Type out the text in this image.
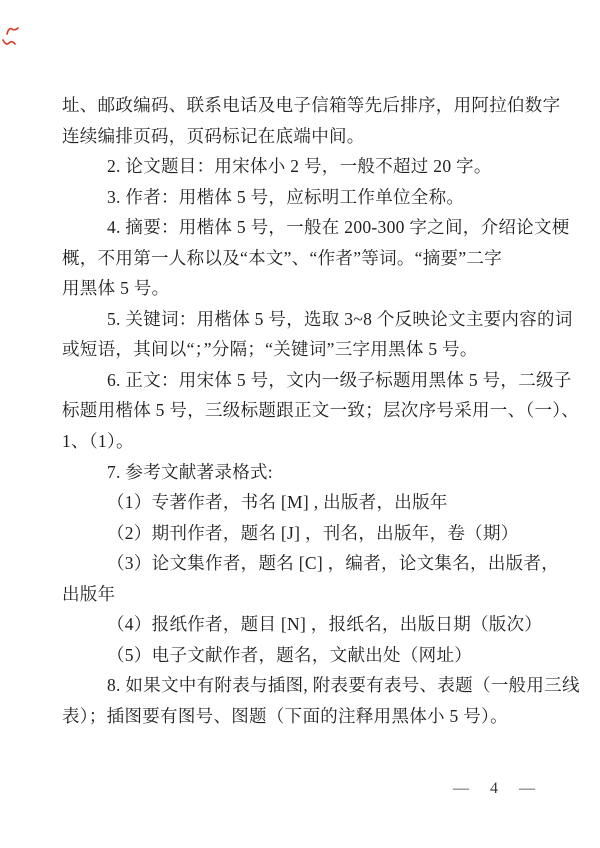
址、邮政编码、联系电话及电子信箱等先后排序，用阿拉伯数字
连续编排页码，页码标记在底端中间。
2. 论文题目：用宋体小 2 号，一般不超过 20 字。
3. 作者：用楷体 5 号，应标明工作单位全称。
4. 摘要：用楷体 5 号，一般在 200-300 字之间，介绍论文梗
概，不用第一人称以及“本文”、“作者”等词。“摘要”二字
用黑体 5 号。
5. 关键词：用楷体 5 号，选取 3~8 个反映论文主要内容的词
或短语，其间以“；”分隔；“关键词”三字用黑体 5 号。
6. 正文：用宋体 5 号，文内一级子标题用黑体 5 号，二级子
标题用楷体 5 号，三级标题跟正文一致；层次序号采用一、（一）、
1、（1）。
7. 参考文献著录格式:
（1）专著作者，书名 [M] , 出版者，出版年
（2）期刊作者，题名 [J] ，刊名，出版年，卷（期）
（3）论文集作者，题名 [C] ，编者，论文集名，出版者，
出版年
（4）报纸作者，题目 [N] ，报纸名，出版日期（版次）
（5）电子文献作者，题名，文献出处（网址）
8. 如果文中有附表与插图, 附表要有表号、表题（一般用三线
表）；插图要有图号、图题（下面的注释用黑体小 5 号）。
— 4 —
